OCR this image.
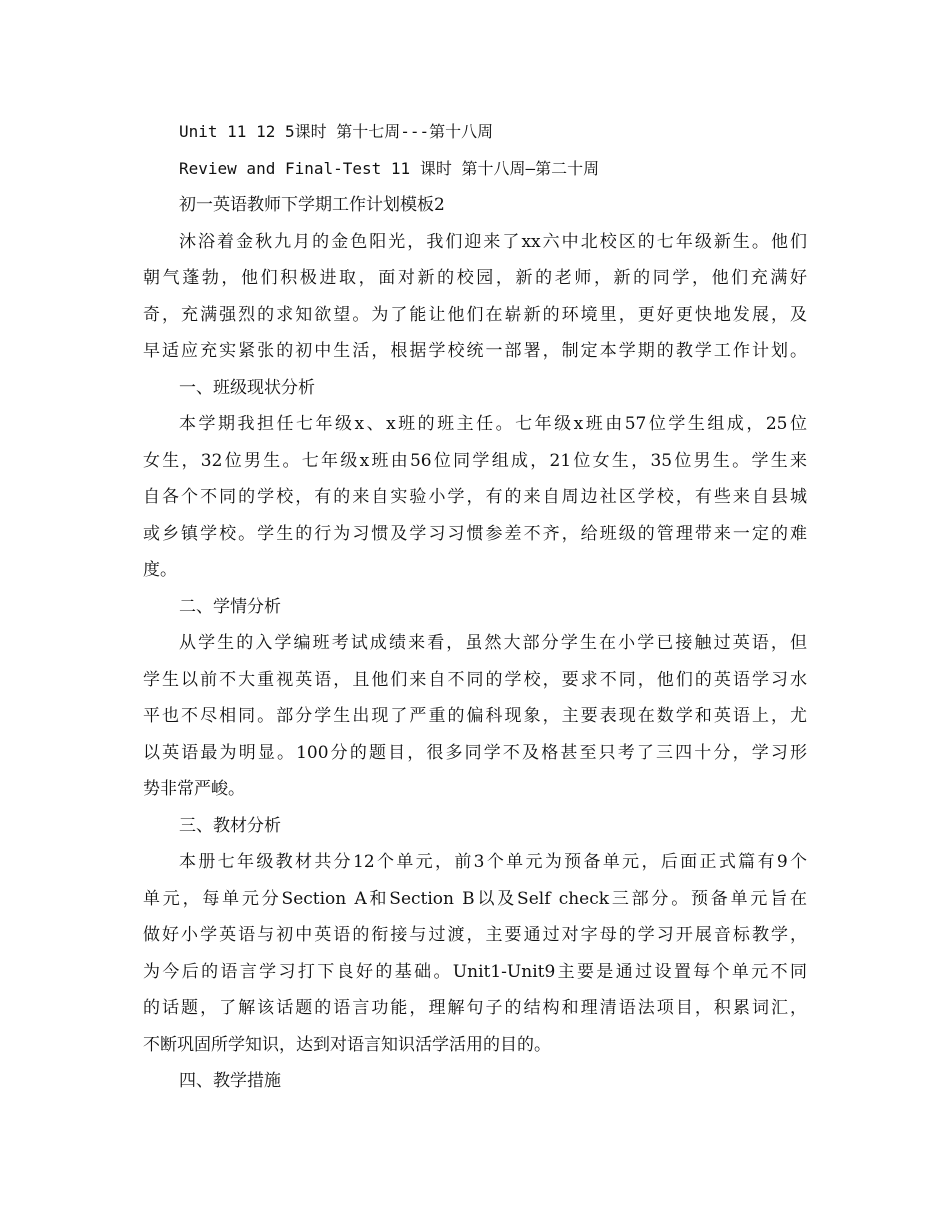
Unit 11 12 5课时 第十七周---第十八周
Review and Final-Test 11 课时 第十八周—第二十周
初一英语教师下学期工作计划模板2
沐浴着金秋九月的金色阳光，我们迎来了xx六中北校区的七年级新生。他们
朝气蓬勃，他们积极进取，面对新的校园，新的老师，新的同学，他们充满好
奇，充满强烈的求知欲望。为了能让他们在崭新的环境里，更好更快地发展，及
早适应充实紧张的初中生活，根据学校统一部署，制定本学期的教学工作计划。
一、班级现状分析
本学期我担任七年级x、x班的班主任。七年级x班由57位学生组成，25位
女生，32位男生。七年级x班由56位同学组成，21位女生，35位男生。学生来
自各个不同的学校，有的来自实验小学，有的来自周边社区学校，有些来自县城
或乡镇学校。学生的行为习惯及学习习惯参差不齐，给班级的管理带来一定的难
度。
二、学情分析
从学生的入学编班考试成绩来看，虽然大部分学生在小学已接触过英语，但
学生以前不大重视英语，且他们来自不同的学校，要求不同，他们的英语学习水
平也不尽相同。部分学生出现了严重的偏科现象，主要表现在数学和英语上，尤
以英语最为明显。100分的题目，很多同学不及格甚至只考了三四十分，学习形
势非常严峻。
三、教材分析
本册七年级教材共分12个单元，前3个单元为预备单元，后面正式篇有9个
单元，每单元分Section A和Section B以及Self check三部分。预备单元旨在
做好小学英语与初中英语的衔接与过渡，主要通过对字母的学习开展音标教学，
为今后的语言学习打下良好的基础。Unit1-Unit9主要是通过设置每个单元不同
的话题，了解该话题的语言功能，理解句子的结构和理清语法项目，积累词汇，
不断巩固所学知识，达到对语言知识活学活用的目的。
四、教学措施
